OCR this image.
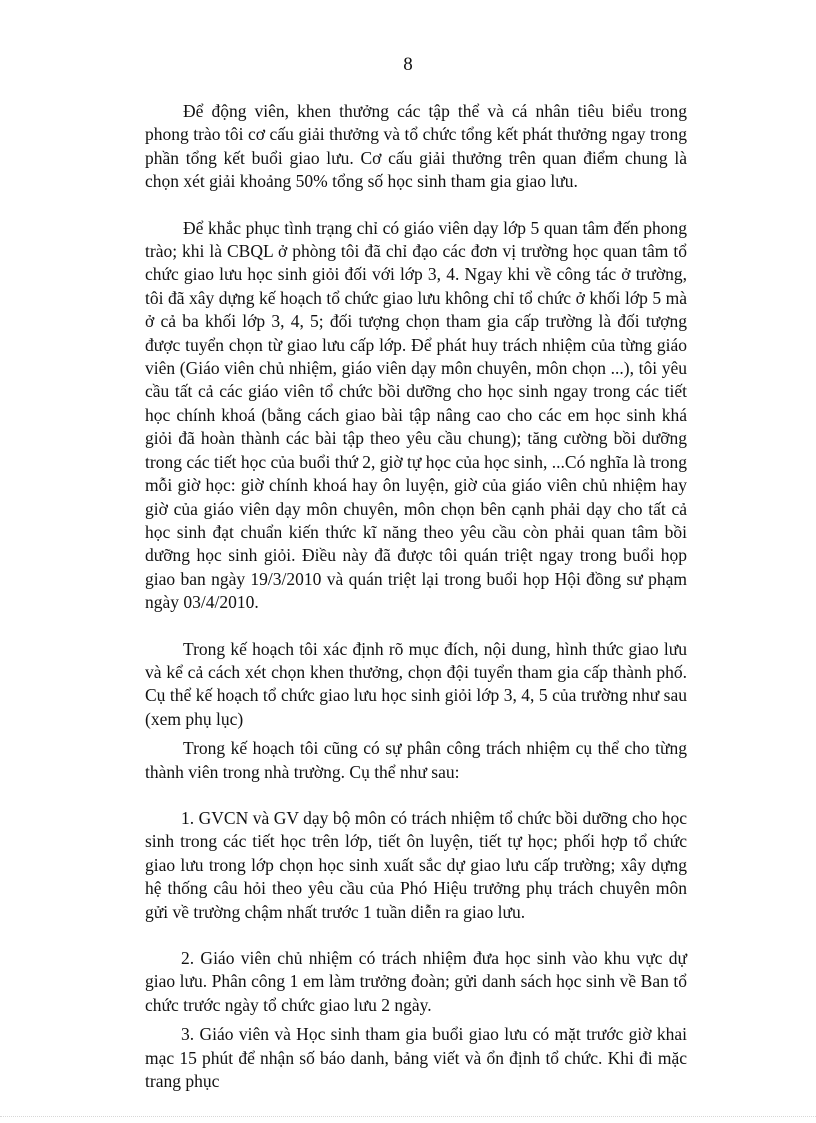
8

Để động viên, khen thưởng các tập thể và cá nhân tiêu biểu trong phong trào tôi cơ cấu giải thưởng và tổ chức tổng kết phát thưởng ngay trong phần tổng kết buổi giao lưu. Cơ cấu giải thưởng trên quan điểm chung là chọn xét giải khoảng 50% tổng số học sinh tham gia giao lưu.

Để khắc phục tình trạng chỉ có giáo viên dạy lớp 5 quan tâm đến phong trào; khi là CBQL ở phòng tôi đã chỉ đạo các đơn vị trường học quan tâm tổ chức giao lưu học sinh giỏi đối với lớp 3, 4. Ngay khi về công tác ở trường, tôi đã xây dựng kế hoạch tổ chức giao lưu không chỉ tổ chức ở khối lớp 5 mà ở cả ba khối lớp 3, 4, 5; đối tượng chọn tham gia cấp trường là đối tượng được tuyển chọn từ giao lưu cấp lớp. Để phát huy trách nhiệm của từng giáo viên (Giáo viên chủ nhiệm, giáo viên dạy môn chuyên, môn chọn ...), tôi yêu cầu tất cả các giáo viên tổ chức bồi dưỡng cho học sinh ngay trong các tiết học chính khoá (bằng cách giao bài tập nâng cao cho các em học sinh khá giỏi đã hoàn thành các bài tập theo yêu cầu chung); tăng cường bồi dưỡng trong các tiết học của buổi thứ 2, giờ tự học của học sinh, ...Có nghĩa là trong mỗi giờ học: giờ chính khoá hay ôn luyện, giờ của giáo viên chủ nhiệm hay giờ của giáo viên dạy môn chuyên, môn chọn bên cạnh phải dạy cho tất cả học sinh đạt chuẩn kiến thức kĩ năng theo yêu cầu còn phải quan tâm bồi dưỡng học sinh giỏi. Điều này đã được tôi quán triệt ngay trong buổi họp giao ban ngày 19/3/2010 và quán triệt lại trong buổi họp Hội đồng sư phạm ngày 03/4/2010.

Trong kế hoạch tôi xác định rõ mục đích, nội dung, hình thức giao lưu và kể cả cách xét chọn khen thưởng, chọn đội tuyển tham gia cấp thành phố. Cụ thể kế hoạch tổ chức giao lưu học sinh giỏi lớp 3, 4, 5 của trường như sau (xem phụ lục)

Trong kế hoạch tôi cũng có sự phân công trách nhiệm cụ thể cho từng thành viên trong nhà trường. Cụ thể như sau:

1. GVCN và GV dạy bộ môn có trách nhiệm tổ chức bồi dưỡng cho học sinh trong các tiết học trên lớp, tiết ôn luyện, tiết tự học; phối hợp tổ chức giao lưu trong lớp chọn học sinh xuất sắc dự giao lưu cấp trường; xây dựng hệ thống câu hỏi theo yêu cầu của Phó Hiệu trưởng phụ trách chuyên môn gửi về trường chậm nhất trước 1 tuần diễn ra giao lưu.

2. Giáo viên chủ nhiệm có trách nhiệm đưa học sinh vào khu vực dự giao lưu. Phân công 1 em làm trưởng đoàn; gửi danh sách học sinh về Ban tổ chức trước ngày tổ chức giao lưu 2 ngày.

3. Giáo viên và Học sinh tham gia buổi giao lưu có mặt trước giờ khai mạc 15 phút để nhận số báo danh, bảng viết và ổn định tổ chức. Khi đi mặc trang phục
